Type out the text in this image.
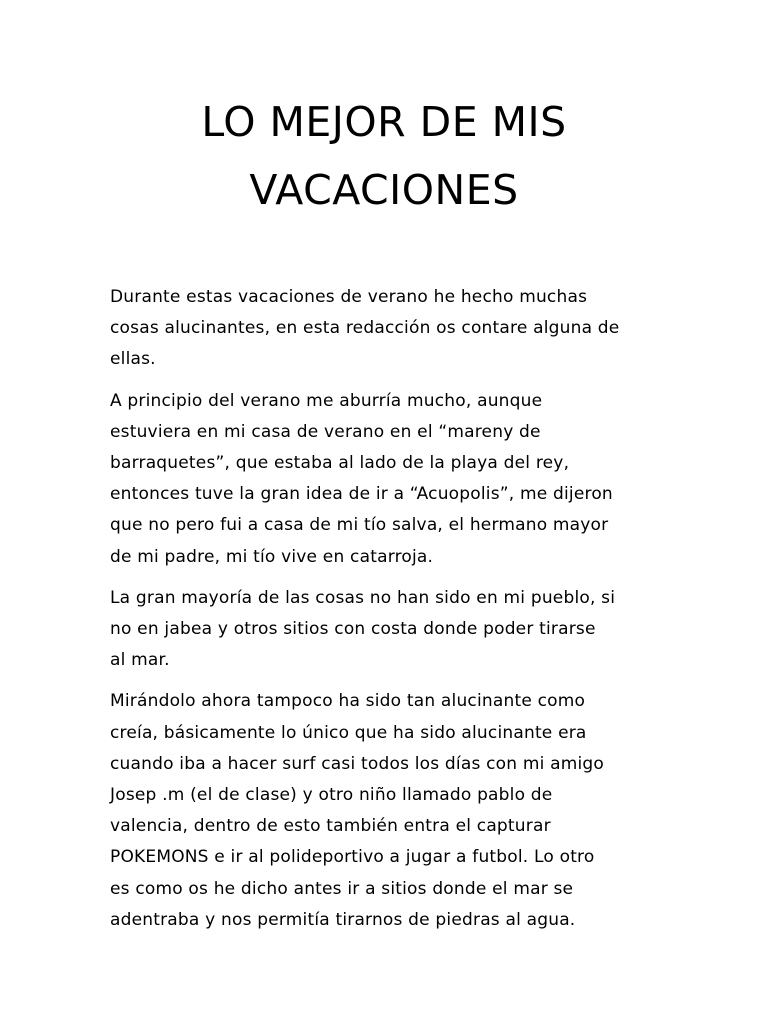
LO MEJOR DE MIS
VACACIONES

Durante estas vacaciones de verano he hecho muchas
cosas alucinantes, en esta redacción os contare alguna de
ellas.

A principio del verano me aburría mucho, aunque
estuviera en mi casa de verano en el “mareny de
barraquetes”, que estaba al lado de la playa del rey,
entonces tuve la gran idea de ir a “Acuopolis”, me dijeron
que no pero fui a casa de mi tío salva, el hermano mayor
de mi padre, mi tío vive en catarroja.

La gran mayoría de las cosas no han sido en mi pueblo, si
no en jabea y otros sitios con costa donde poder tirarse
al mar.

Mirándolo ahora tampoco ha sido tan alucinante como
creía, básicamente lo único que ha sido alucinante era
cuando iba a hacer surf casi todos los días con mi amigo
Josep .m (el de clase) y otro niño llamado pablo de
valencia, dentro de esto también entra el capturar
POKEMONS e ir al polideportivo a jugar a futbol. Lo otro
es como os he dicho antes ir a sitios donde el mar se
adentraba y nos permitía tirarnos de piedras al agua.
